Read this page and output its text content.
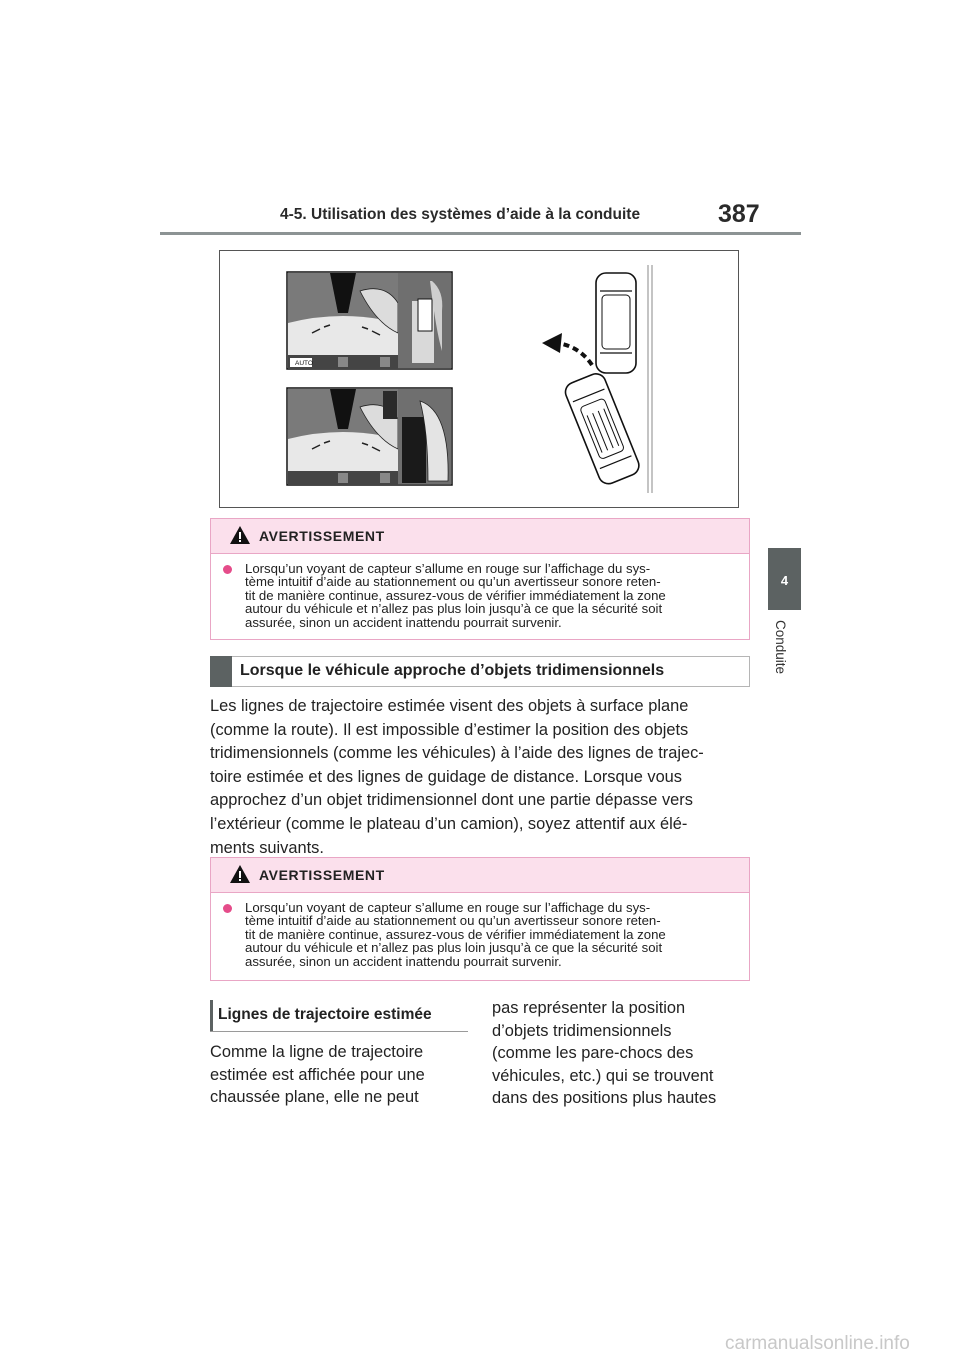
4-5. Utilisation des systèmes d’aide à la conduite	387
4
Conduite
AUTO
AVERTISSEMENT
Lorsqu’un voyant de capteur s’allume en rouge sur l’affichage du sys-
tème intuitif d’aide au stationnement ou qu’un avertisseur sonore reten-
tit de manière continue, assurez-vous de vérifier immédiatement la zone
autour du véhicule et n’allez pas plus loin jusqu’à ce que la sécurité soit
assurée, sinon un accident inattendu pourrait survenir.
Lorsque le véhicule approche d’objets tridimensionnels
Les lignes de trajectoire estimée visent des objets à surface plane
(comme la route). Il est impossible d’estimer la position des objets
tridimensionnels (comme les véhicules) à l’aide des lignes de trajec-
toire estimée et des lignes de guidage de distance. Lorsque vous
approchez d’un objet tridimensionnel dont une partie dépasse vers
l’extérieur (comme le plateau d’un camion), soyez attentif aux élé-
ments suivants.
AVERTISSEMENT
Lorsqu’un voyant de capteur s’allume en rouge sur l’affichage du sys-
tème intuitif d’aide au stationnement ou qu’un avertisseur sonore reten-
tit de manière continue, assurez-vous de vérifier immédiatement la zone
autour du véhicule et n’allez pas plus loin jusqu’à ce que la sécurité soit
assurée, sinon un accident inattendu pourrait survenir.
Lignes de trajectoire estimée
Comme la ligne de trajectoire
estimée est affichée pour une
chaussée plane, elle ne peut
pas représenter la position
d’objets tridimensionnels
(comme les pare-chocs des
véhicules, etc.) qui se trouvent
dans des positions plus hautes
carmanualsonline.info
